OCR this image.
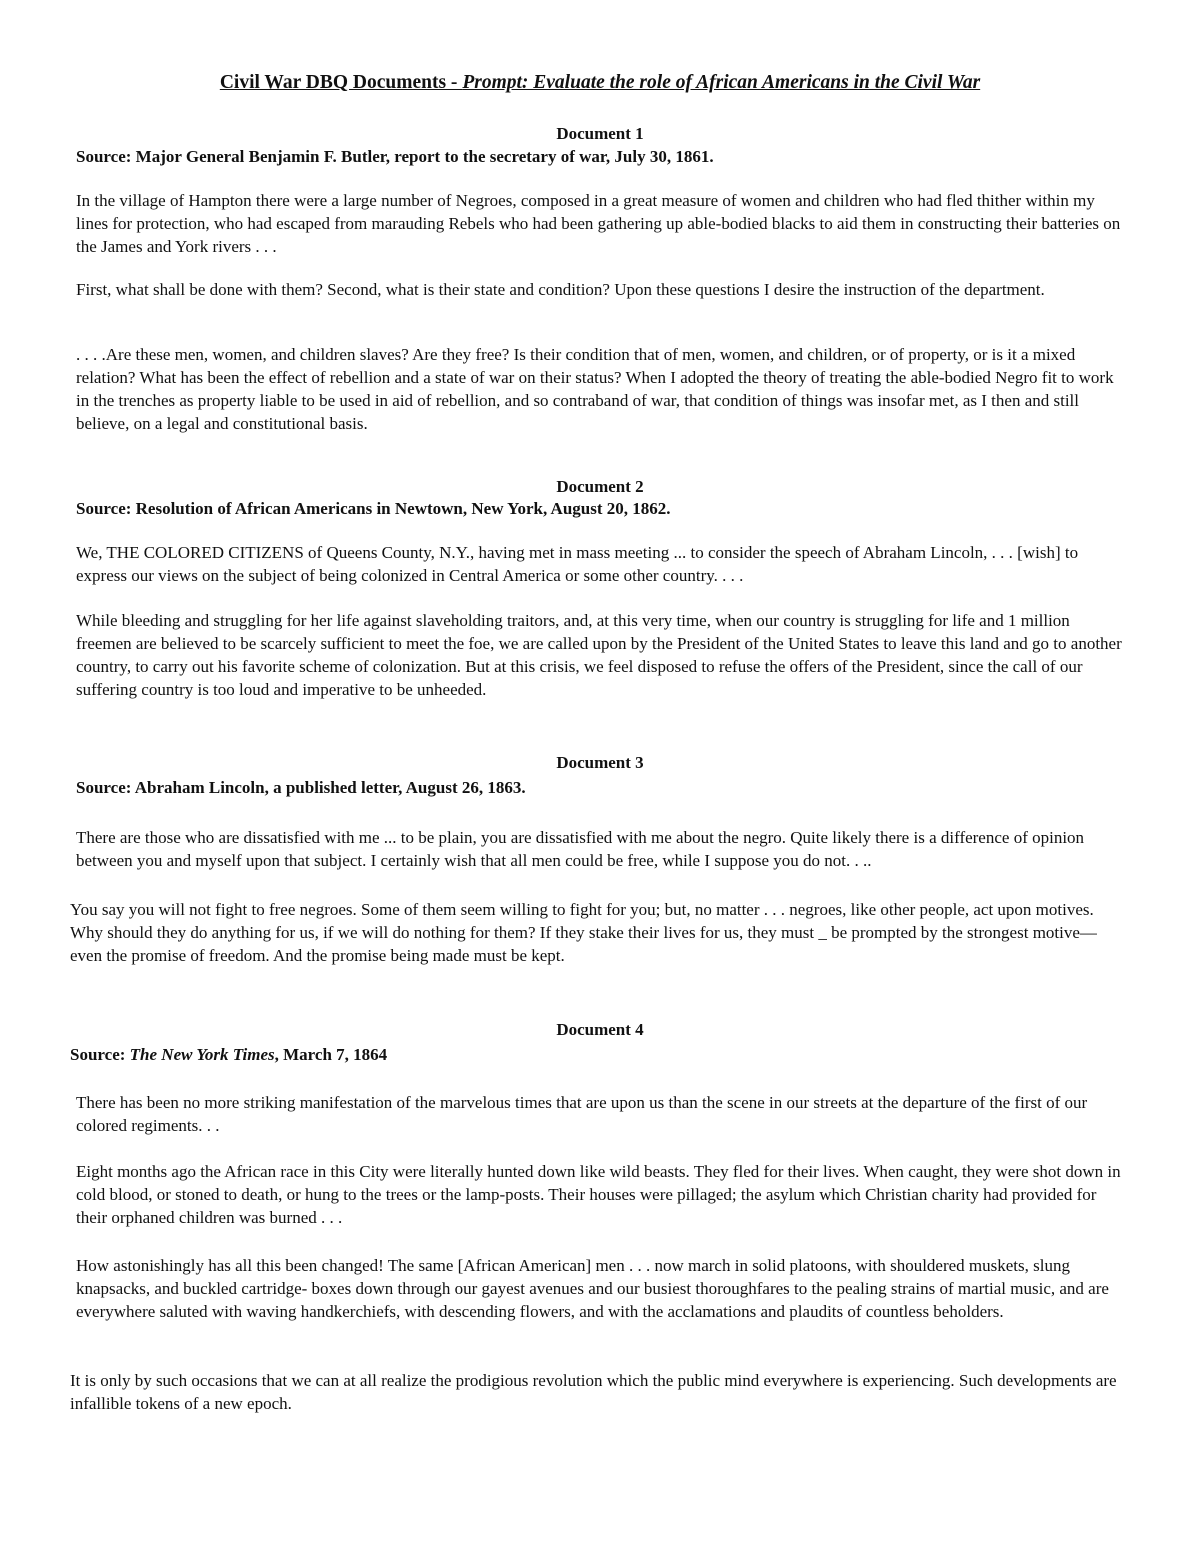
Civil War DBQ Documents - Prompt: Evaluate the role of African Americans in the Civil War
Document 1
Source: Major General Benjamin F. Butler, report to the secretary of war, July 30, 1861.
In the village of Hampton there were a large number of Negroes, composed in a great measure of women and children who had fled thither within my lines for protection, who had escaped from marauding Rebels who had been gathering up able-bodied blacks to aid them in constructing their batteries on the James and York rivers . . .
First, what shall be done with them? Second, what is their state and condition? Upon these questions I desire the instruction of the department.
. . . .Are these men, women, and children slaves? Are they free? Is their condition that of men, women, and children, or of property, or is it a mixed relation? What has been the effect of rebellion and a state of war on their status? When I adopted the theory of treating the able-bodied Negro fit to work in the trenches as property liable to be used in aid of rebellion, and so contraband of war, that condition of things was insofar met, as I then and still believe, on a legal and constitutional basis.
Document 2
Source: Resolution of African Americans in Newtown, New York, August 20, 1862.
We, THE COLORED CITIZENS of Queens County, N.Y., having met in mass meeting ... to consider the speech of Abraham Lincoln, . . . [wish] to express our views on the subject of being colonized in Central America or some other country. . . .
While bleeding and struggling for her life against slaveholding traitors, and, at this very time, when our country is struggling for life and 1 million freemen are believed to be scarcely sufficient to meet the foe, we are called upon by the President of the United States to leave this land and go to another country, to carry out his favorite scheme of colonization. But at this crisis, we feel disposed to refuse the offers of the President, since the call of our suffering country is too loud and imperative to be unheeded.
Document 3
Source: Abraham Lincoln, a published letter, August 26, 1863.
There are those who are dissatisfied with me ... to be plain, you are dissatisfied with me about the negro. Quite likely there is a difference of opinion between you and myself upon that subject. I certainly wish that all men could be free, while I suppose you do not. . ..
You say you will not fight to free negroes. Some of them seem willing to fight for you; but, no matter . . . negroes, like other people, act upon motives. Why should they do anything for us, if we will do nothing for them? If they stake their lives for us, they must _ be prompted by the strongest motive—even the promise of freedom. And the promise being made must be kept.
Document 4
Source: The New York Times, March 7, 1864
There has been no more striking manifestation of the marvelous times that are upon us than the scene in our streets at the departure of the first of our colored regiments. . .
Eight months ago the African race in this City were literally hunted down like wild beasts. They fled for their lives. When caught, they were shot down in cold blood, or stoned to death, or hung to the trees or the lamp-posts. Their houses were pillaged; the asylum which Christian charity had provided for their orphaned children was burned . . .
How astonishingly has all this been changed! The same [African American] men . . . now march in solid platoons, with shouldered muskets, slung knapsacks, and buckled cartridge- boxes down through our gayest avenues and our busiest thoroughfares to the pealing strains of martial music, and are everywhere saluted with waving handkerchiefs, with descending flowers, and with the acclamations and plaudits of countless beholders.
It is only by such occasions that we can at all realize the prodigious revolution which the public mind everywhere is experiencing. Such developments are infallible tokens of a new epoch.
